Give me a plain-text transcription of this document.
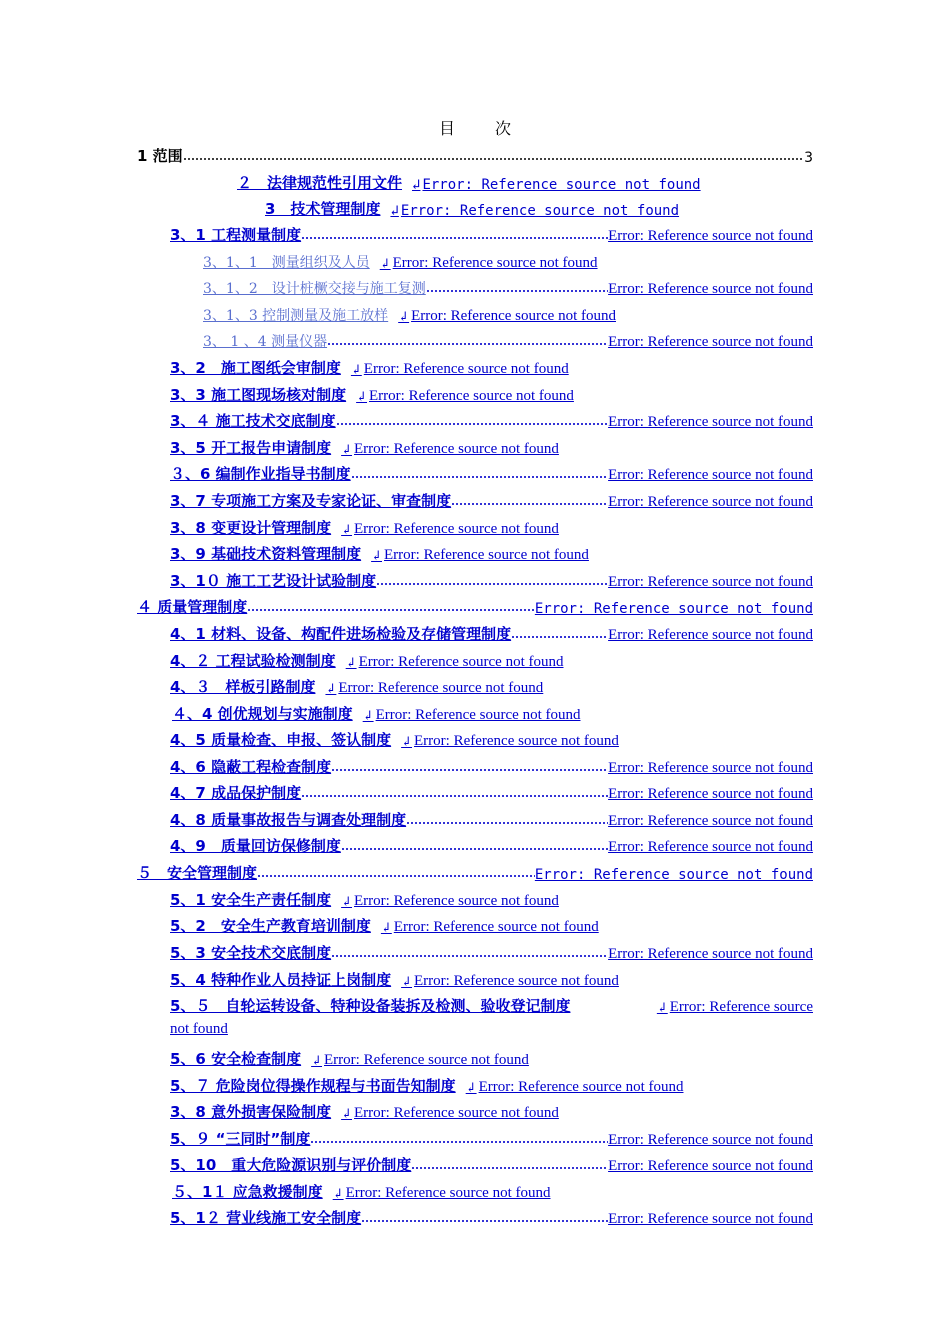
目	次
1 范围	3
２　法律规范性引用文件 ↲ Error: Reference source not found
3　技术管理制度 ↲ Error: Reference source not found
3、1 工程测量制度	Error: Reference source not found
3、1、1　测量组织及人员 ↲ Error: Reference source not found
3、1、2　设计桩橛交接与施工复测	Error: Reference source not found
3、1、3 控制测量及施工放样 ↲ Error: Reference source not found
3、 1 、4 测量仪器	Error: Reference source not found
3、2　施工图纸会审制度 ↲ Error: Reference source not found
3、3 施工图现场核对制度 ↲ Error: Reference source not found
3、４ 施工技术交底制度	Error: Reference source not found
3、5 开工报告申请制度 ↲ Error: Reference source not found
３、6 编制作业指导书制度	Error: Reference source not found
3、7 专项施工方案及专家论证、审查制度	Error: Reference source not found
3、8 变更设计管理制度 ↲ Error: Reference source not found
3、9 基础技术资料管理制度 ↲ Error: Reference source not found
3、1０ 施工工艺设计试验制度	Error: Reference source not found
４ 质量管理制度	Error: Reference source not found
4、1 材料、设备、构配件进场检验及存储管理制度	Error: Reference source not found
4、２ 工程试验检测制度 ↲ Error: Reference source not found
4、３　样板引路制度 ↲ Error: Reference source not found
４、4 创优规划与实施制度 ↲ Error: Reference source not found
4、5 质量检查、申报、签认制度 ↲ Error: Reference source not found
4、6 隐蔽工程检查制度	Error: Reference source not found
4、7 成品保护制度	Error: Reference source not found
4、8 质量事故报告与调查处理制度	Error: Reference source not found
4、9　质量回访保修制度	Error: Reference source not found
５　安全管理制度	Error: Reference source not found
5、1 安全生产责任制度 ↲ Error: Reference source not found
5、2　安全生产教育培训制度 ↲ Error: Reference source not found
5、3 安全技术交底制度	Error: Reference source not found
5、4 特种作业人员持证上岗制度 ↲ Error: Reference source not found
5、５　自轮运转设备、特种设备装拆及检测、验收登记制度	↲ Error: Reference source
not found
5、6 安全检查制度 ↲ Error: Reference source not found
5、７ 危险岗位得操作规程与书面告知制度 ↲ Error: Reference source not found
3、8 意外损害保险制度 ↲ Error: Reference source not found
5、９ “三同时”制度	Error: Reference source not found
5、10　重大危险源识别与评价制度	Error: Reference source not found
５、1１ 应急救援制度 ↲ Error: Reference source not found
5、1２ 营业线施工安全制度	Error: Reference source not found
